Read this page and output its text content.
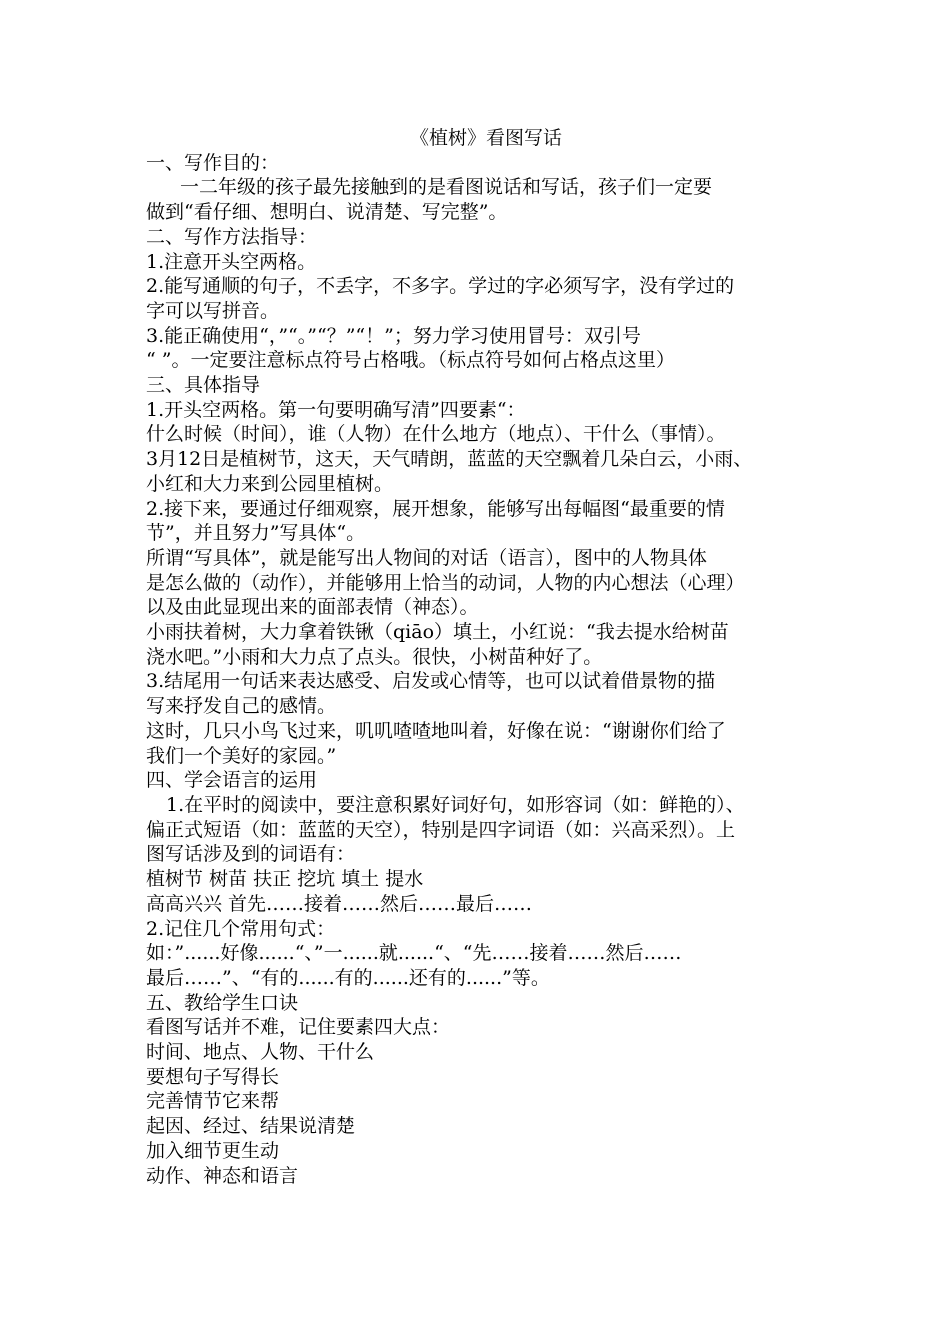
《植树》看图写话

一、写作目的：

一二年级的孩子最先接触到的是看图说话和写话，孩子们一定要

做到“看仔细、想明白、说清楚、写完整”。

二、写作方法指导：

1.注意开头空两格。

2.能写通顺的句子，不丢字，不多字。学过的字必须写字，没有学过的

字可以写拼音。

3.能正确使用“，”“。”“？”“！”；努力学习使用冒号：双引号

“ ”。一定要注意标点符号占格哦。（标点符号如何占格点这里）

三、具体指导

1.开头空两格。第一句要明确写清”四要素“：

什么时候（时间），谁（人物）在什么地方（地点）、干什么（事情）。

3月12日是植树节，这天，天气晴朗，蓝蓝的天空飘着几朵白云，小雨、

小红和大力来到公园里植树。

2.接下来，要通过仔细观察，展开想象，能够写出每幅图“最重要的情

节”，并且努力”写具体“。

所谓“写具体”，就是能写出人物间的对话（语言），图中的人物具体

是怎么做的（动作），并能够用上恰当的动词，人物的内心想法（心理）

以及由此显现出来的面部表情（神态）。

小雨扶着树，大力拿着铁锹（qiāo）填土，小红说：“我去提水给树苗

浇水吧。”小雨和大力点了点头。很快，小树苗种好了。

3.结尾用一句话来表达感受、启发或心情等，也可以试着借景物的描

写来抒发自己的感情。

这时，几只小鸟飞过来，叽叽喳喳地叫着，好像在说：“谢谢你们给了

我们一个美好的家园。”

四、学会语言的运用

1.在平时的阅读中，要注意积累好词好句，如形容词（如：鲜艳的）、

偏正式短语（如：蓝蓝的天空），特别是四字词语（如：兴高采烈）。上

图写话涉及到的词语有：

植树节 树苗 扶正 挖坑 填土 提水

高高兴兴 首先……接着……然后……最后……

2.记住几个常用句式：

如：”......好像......“、”一......就......“、“先……接着……然后……

最后……”、“有的......有的......还有的......”等。

五、教给学生口诀

看图写话并不难，记住要素四大点：

时间、地点、人物、干什么

要想句子写得长

完善情节它来帮

起因、经过、结果说清楚

加入细节更生动

动作、神态和语言
